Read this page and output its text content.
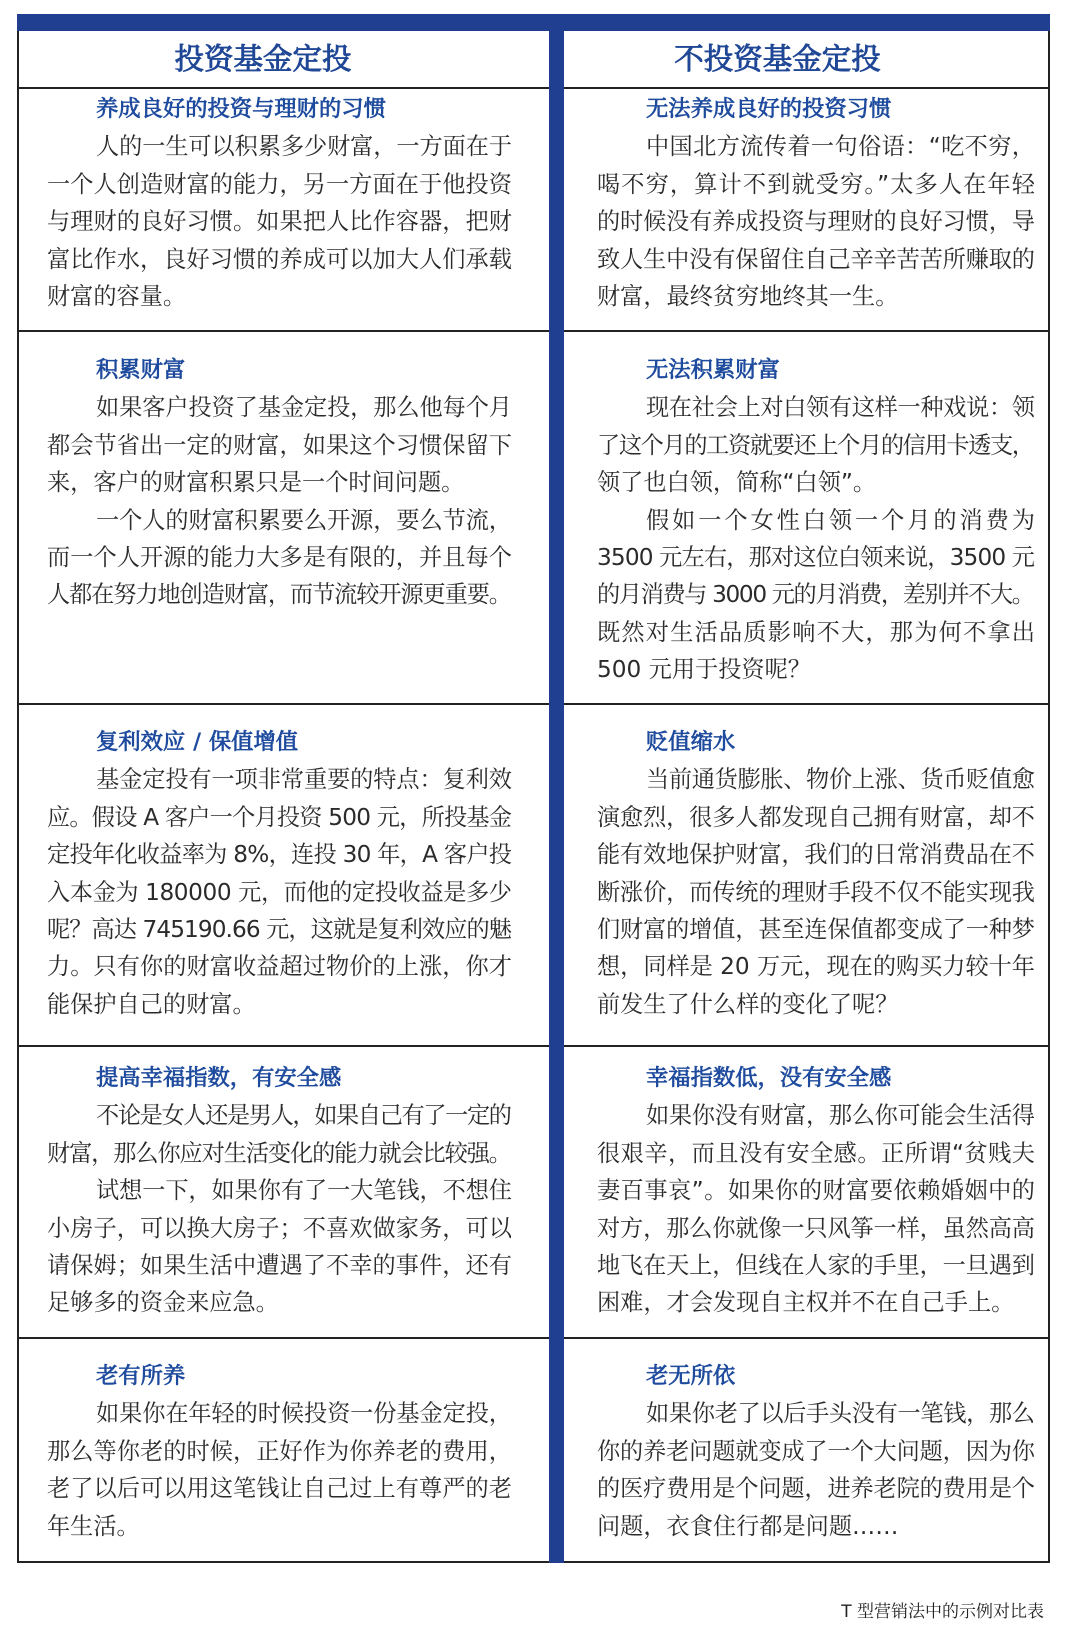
投资基金定投	不投资基金定投
养成良好的投资与理财的习惯
人的一生可以积累多少财富，一方面在于
一个人创造财富的能力，另一方面在于他投资
与理财的良好习惯。如果把人比作容器，把财
富比作水，良好习惯的养成可以加大人们承载
财富的容量。
无法养成良好的投资习惯
中国北方流传着一句俗语：“吃不穷，
喝不穷，算计不到就受穷。”太多人在年轻
的时候没有养成投资与理财的良好习惯，导
致人生中没有保留住自己辛辛苦苦所赚取的
财富，最终贫穷地终其一生。
积累财富
如果客户投资了基金定投，那么他每个月
都会节省出一定的财富，如果这个习惯保留下
来，客户的财富积累只是一个时间问题。
一个人的财富积累要么开源，要么节流，
而一个人开源的能力大多是有限的，并且每个
人都在努力地创造财富，而节流较开源更重要。
无法积累财富
现在社会上对白领有这样一种戏说：领
了这个月的工资就要还上个月的信用卡透支，
领了也白领，简称“白领”。
假如一个女性白领一个月的消费为
3500 元左右，那对这位白领来说，3500 元
的月消费与 3000 元的月消费，差别并不大。
既然对生活品质影响不大，那为何不拿出
500 元用于投资呢？
复利效应 / 保值增值
基金定投有一项非常重要的特点：复利效
应。假设 A 客户一个月投资 500 元，所投基金
定投年化收益率为 8%，连投 30 年，A 客户投
入本金为 180000 元，而他的定投收益是多少
呢？高达 745190.66 元，这就是复利效应的魅
力。只有你的财富收益超过物价的上涨，你才
能保护自己的财富。
贬值缩水
当前通货膨胀、物价上涨、货币贬值愈
演愈烈，很多人都发现自己拥有财富，却不
能有效地保护财富，我们的日常消费品在不
断涨价，而传统的理财手段不仅不能实现我
们财富的增值，甚至连保值都变成了一种梦
想，同样是 20 万元，现在的购买力较十年
前发生了什么样的变化了呢？
提高幸福指数，有安全感
不论是女人还是男人，如果自己有了一定的
财富，那么你应对生活变化的能力就会比较强。
试想一下，如果你有了一大笔钱，不想住
小房子，可以换大房子；不喜欢做家务，可以
请保姆；如果生活中遭遇了不幸的事件，还有
足够多的资金来应急。
幸福指数低，没有安全感
如果你没有财富，那么你可能会生活得
很艰辛，而且没有安全感。正所谓“贫贱夫
妻百事哀”。如果你的财富要依赖婚姻中的
对方，那么你就像一只风筝一样，虽然高高
地飞在天上，但线在人家的手里，一旦遇到
困难，才会发现自主权并不在自己手上。
老有所养
如果你在年轻的时候投资一份基金定投，
那么等你老的时候，正好作为你养老的费用，
老了以后可以用这笔钱让自己过上有尊严的老
年生活。
老无所依
如果你老了以后手头没有一笔钱，那么
你的养老问题就变成了一个大问题，因为你
的医疗费用是个问题，进养老院的费用是个
问题，衣食住行都是问题……
T 型营销法中的示例对比表
